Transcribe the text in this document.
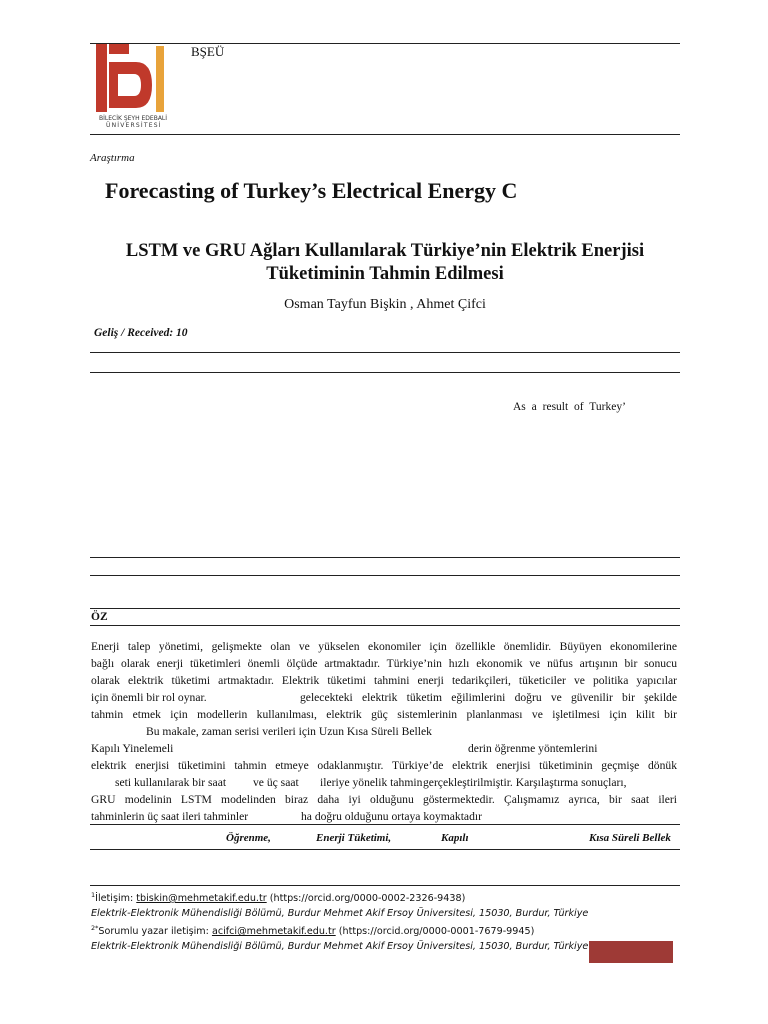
BİLECİK ŞEYH EDEBALİ
ÜNİVERSİTESİ
BŞEÜ
Araştırma
Forecasting of Turkey’s Electrical Energy C
LSTM ve GRU Ağları Kullanılarak Türkiye’nin Elektrik Enerjisi
Tüketiminin Tahmin Edilmesi
Osman Tayfun Bişkin , Ahmet Çifci
Geliş / Received: 10
As a result of Turkey’
ÖZ
Enerji talep yönetimi, gelişmekte olan ve yükselen ekonomiler için özellikle önemlidir. Büyüyen ekonomilerine
bağlı olarak enerji tüketimleri önemli ölçüde artmaktadır. Türkiye’nin hızlı ekonomik ve nüfus artışının bir sonucu
olarak elektrik tüketimi artmaktadır. Elektrik tüketimi tahmini enerji tedarikçileri, tüketiciler ve politika yapıcılar
için önemli bir rol oynar.	gelecekteki elektrik tüketim eğilimlerini doğru ve güvenilir bir şekilde
tahmin etmek için modellerin kullanılması, elektrik güç sistemlerinin planlanması ve işletilmesi için kilit bir
Bu makale, zaman serisi verileri için Uzun Kısa Süreli Bellek
Kapılı Yinelemeli	derin öğrenme yöntemlerini
elektrik enerjisi tüketimini tahmin etmeye odaklanmıştır. Türkiye’de elektrik enerjisi tüketiminin geçmişe dönük
seti kullanılarak bir saat ve üç saat ileriye yönelik tahmin gerçekleştirilmiştir. Karşılaştırma sonuçları,
GRU modelinin LSTM modelinden biraz daha iyi olduğunu göstermektedir. Çalışmamız ayrıca, bir saat ileri
tahminlerin üç saat ileri tahminler	ha doğru olduğunu ortaya koymaktadır
Öğrenme,	Enerji Tüketimi,	Kapılı	Kısa Süreli Bellek
$^1$İletişim: tbiskin@mehmetakif.edu.tr (https://orcid.org/0000-0002-2326-9438)
Elektrik-Elektronik Mühendisliği Bölümü, Burdur Mehmet Akif Ersoy Üniversitesi, 15030, Burdur, Türkiye
$^{2*}$Sorumlu yazar iletişim: acifci@mehmetakif.edu.tr (https://orcid.org/0000-0001-7679-9945)
Elektrik-Elektronik Mühendisliği Bölümü, Burdur Mehmet Akif Ersoy Üniversitesi, 15030, Burdur, Türkiye
